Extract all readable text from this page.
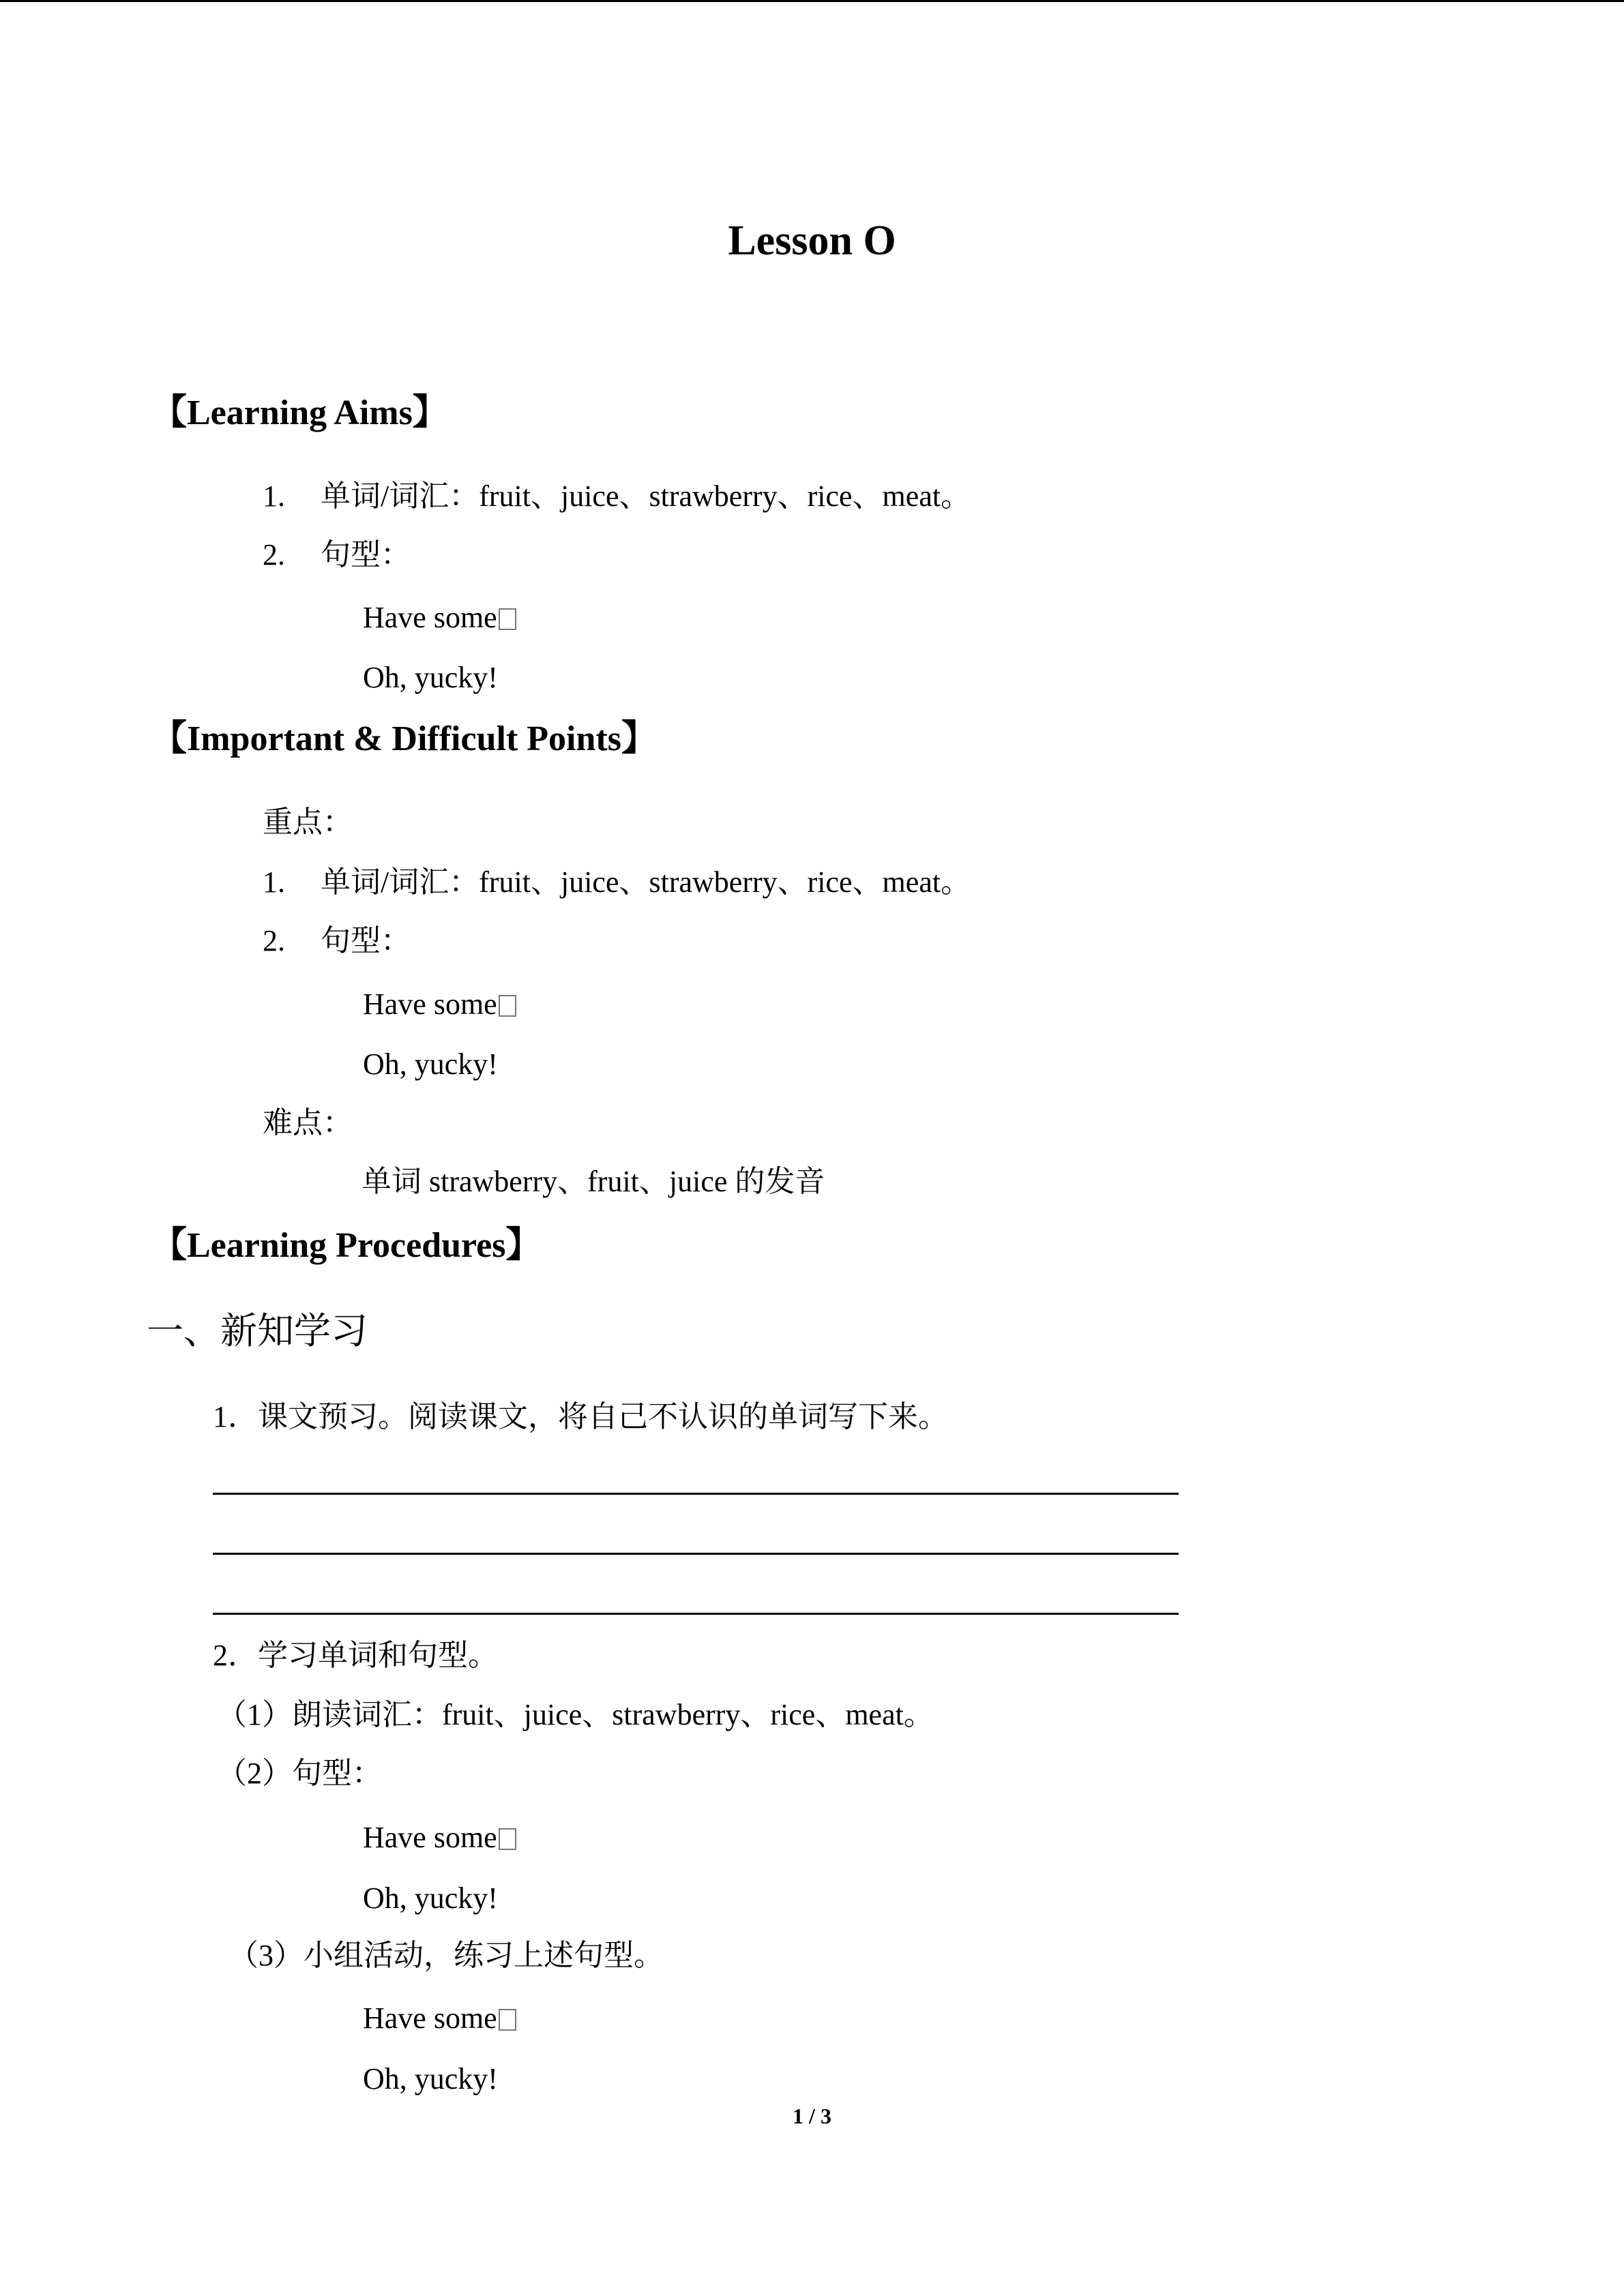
Lesson O
【Learning Aims】
1. 单词/词汇：fruit、juice、strawberry、rice、meat。
2. 句型：
Have some
Oh, yucky!
【Important & Difficult Points】
重点：
1. 单词/词汇：fruit、juice、strawberry、rice、meat。
2. 句型：
Have some
Oh, yucky!
难点：
单词 strawberry、fruit、juice 的发音
【Learning Procedures】
一、新知学习
1．课文预习。阅读课文，将自己不认识的单词写下来。
2．学习单词和句型。
（1）朗读词汇：fruit、juice、strawberry、rice、meat。
（2）句型：
Have some
Oh, yucky!
（3）小组活动，练习上述句型。
Have some
Oh, yucky!
1 / 3
